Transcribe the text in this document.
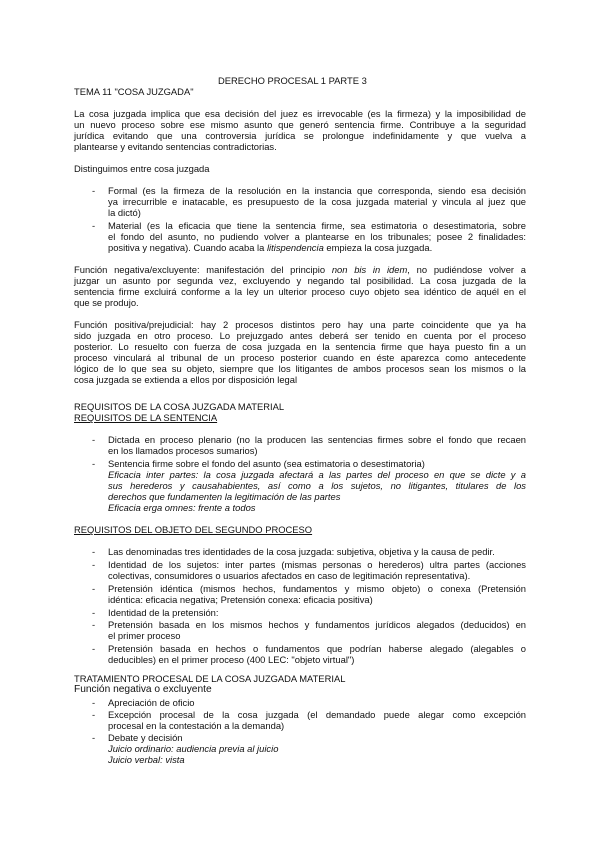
DERECHO PROCESAL 1 PARTE 3
TEMA 11 "COSA JUZGADA"
La cosa juzgada implica que esa decisión del juez es irrevocable (es la firmeza) y la imposibilidad de
un nuevo proceso sobre ese mismo asunto que generó sentencia firme. Contribuye a la seguridad
jurídica evitando que una controversia jurídica se prolongue indefinidamente y que vuelva a
plantearse y evitando sentencias contradictorias.
Distinguimos entre cosa juzgada
- Formal (es la firmeza de la resolución en la instancia que corresponda, siendo esa decisión
ya irrecurrible e inatacable, es presupuesto de la cosa juzgada material y vincula al juez que
la dictó)
- Material (es la eficacia que tiene la sentencia firme, sea estimatoria o desestimatoria, sobre
el fondo del asunto, no pudiendo volver a plantearse en los tribunales; posee 2 finalidades:
positiva y negativa). Cuando acaba la litispendencia empieza la cosa juzgada.
Función negativa/excluyente: manifestación del principio non bis in idem, no pudiéndose volver a
juzgar un asunto por segunda vez, excluyendo y negando tal posibilidad. La cosa juzgada de la
sentencia firme excluirá conforme a la ley un ulterior proceso cuyo objeto sea idéntico de aquél en el
que se produjo.
Función positiva/prejudicial: hay 2 procesos distintos pero hay una parte coincidente que ya ha
sido juzgada en otro proceso. Lo prejuzgado antes deberá ser tenido en cuenta por el proceso
posterior. Lo resuelto con fuerza de cosa juzgada en la sentencia firme que haya puesto fin a un
proceso vinculará al tribunal de un proceso posterior cuando en éste aparezca como antecedente
lógico de lo que sea su objeto, siempre que los litigantes de ambos procesos sean los mismos o la
cosa juzgada se extienda a ellos por disposición legal
REQUISITOS DE LA COSA JUZGADA MATERIAL
REQUISITOS DE LA SENTENCIA
- Dictada en proceso plenario (no la producen las sentencias firmes sobre el fondo que recaen
en los llamados procesos sumarios)
- Sentencia firme sobre el fondo del asunto (sea estimatoria o desestimatoria)
Eficacia inter partes: la cosa juzgada afectará a las partes del proceso en que se dicte y a
sus herederos y causahabientes, así como a los sujetos, no litigantes, titulares de los
derechos que fundamenten la legitimación de las partes
Eficacia erga omnes: frente a todos
REQUISITOS DEL OBJETO DEL SEGUNDO PROCESO
- Las denominadas tres identidades de la cosa juzgada: subjetiva, objetiva y la causa de pedir.
- Identidad de los sujetos: inter partes (mismas personas o herederos) ultra partes (acciones
colectivas, consumidores o usuarios afectados en caso de legitimación representativa).
- Pretensión idéntica (mismos hechos, fundamentos y mismo objeto) o conexa (Pretensión
idéntica: eficacia negativa; Pretensión conexa: eficacia positiva)
- Identidad de la pretensión:
- Pretensión basada en los mismos hechos y fundamentos jurídicos alegados (deducidos) en
el primer proceso
- Pretensión basada en hechos o fundamentos que podrían haberse alegado (alegables o
deducibles) en el primer proceso (400 LEC: "objeto virtual")
TRATAMIENTO PROCESAL DE LA COSA JUZGADA MATERIAL
Función negativa o excluyente
- Apreciación de oficio
- Excepción procesal de la cosa juzgada (el demandado puede alegar como excepción
procesal en la contestación a la demanda)
- Debate y decisión
Juicio ordinario: audiencia previa al juicio
Juicio verbal: vista
